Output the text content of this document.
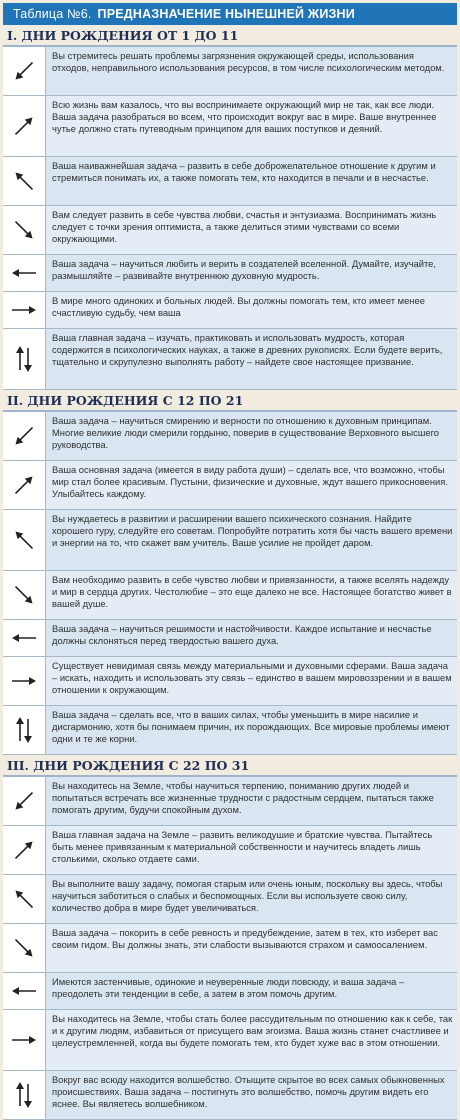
Таблица №6. ПРЕДНАЗНАЧЕНИЕ НЫНЕШНЕЙ ЖИЗНИ
I. ДНИ РОЖДЕНИЯ ОТ 1 ДО 11
Вы стремитесь решать проблемы загрязнения окружающей среды, использования отходов, неправильного использования ресурсов, в том числе психологическим методом.
Всю жизнь вам казалось, что вы воспринимаете окружающий мир не так, как все люди. Ваша задача разобраться во всем, что происходит вокруг вас в мире. Ваше внутреннее чутье должно стать путеводным принципом для ваших поступков и деяний.
Ваша наиважнейшая задача – развить в себе доброжелательное отношение к другим и стремиться понимать их, а также помогать тем, кто находится в печали и в несчастье.
Вам следует развить в себе чувства любви, счастья и энтузиазма. Воспринимать жизнь следует с точки зрения оптимиста, а также делиться этими чувствами со всеми окружающими.
Ваша задача – научиться любить и верить в создателей вселенной. Думайте, изучайте, размышляйте – развивайте внутреннюю духовную мудрость.
В мире много одиноких и больных людей. Вы должны помогать тем, кто имеет менее счастливую судьбу, чем ваша
Ваша главная задача – изучать, практиковать и использовать мудрость, которая содержится в психологических науках, а также в древних рукописях. Если будете верить, тщательно и скрупулезно выполнять работу – найдете свое настоящее призвание.
II. ДНИ РОЖДЕНИЯ С 12 ПО 21
Ваша задача – научиться смирению и верности по отношению к духовным принципам. Многие великие люди смерили гордыню, поверив в существование Верховного высшего руководства.
Ваша основная задача (имеется в виду работа души) – сделать все, что возможно, чтобы мир стал более красивым. Пустыни, физические и духовные, ждут вашего прикосновения. Улыбайтесь каждому.
Вы нуждаетесь в развитии и расширении вашего психического сознания. Найдите хорошего гуру, следуйте его советам. Попробуйте потратить хотя бы часть вашего времени и энергии на то, что скажет вам учитель. Ваше усилие не пройдет даром.
Вам необходимо развить в себе чувство любви и привязанности, а также вселять надежду и мир в сердца других. Честолюбие – это еще далеко не все. Настоящее богатство живет в вашей душе.
Ваша задача – научиться решимости и настойчивости. Каждое испытание и несчастье должны склоняться перед твердостью вашего духа.
Существует невидимая связь между материальными и духовными сферами. Ваша задача – искать, находить и использовать эту связь – единство в вашем мировоззрении и в вашем отношении к окружающим.
Ваша задача – сделать все, что в ваших силах, чтобы уменьшить в мире насилие и дисгармонию, хотя бы понимаем причин, их порождающих. Все мировые проблемы имеют одни и те же корни.
III. ДНИ РОЖДЕНИЯ С 22 ПО 31
Вы находитесь на Земле, чтобы научиться терпению, пониманию других людей и попытаться встречать все жизненные трудности с радостным сердцем, пытаться также помогать другим, будучи спокойным духом.
Ваша главная задача на Земле – развить великодушие и братские чувства. Пытайтесь быть менее привязанным к материальной собственности и научитесь владеть лишь столькими, сколько отдаете сами.
Вы выполните вашу задачу, помогая старым или очень юным, поскольку вы здесь, чтобы научиться заботиться о слабых и беспомощных. Если вы используете свою силу, количество добра в мире будет увеличиваться.
Ваша задача – покорить в себе ревность и предубеждение, затем в тех, кто изберет вас своим гидом. Вы должны знать, эти слабости вызываются страхом и самоосалением.
Имеются застенчивые, одинокие и неуверенные люди повсюду, и ваша задача – преодолеть эти тенденции в себе, а затем в этом помочь другим.
Вы находитесь на Земле, чтобы стать более рассудительным по отношению как к себе, так и к другим людям, избавиться от присущего вам эгоизма. Ваша жизнь станет счастливее и целеустремленней, когда вы будете помогать тем, кто будет хуже вас в этом отношении.
Вокруг вас всюду находится волшебство. Отыщите скрытое во всех самых обыкновенных происшествиях. Ваша задача – постигнуть это волшебство, помочь другим видеть его яснее. Вы являетесь волшебником.
